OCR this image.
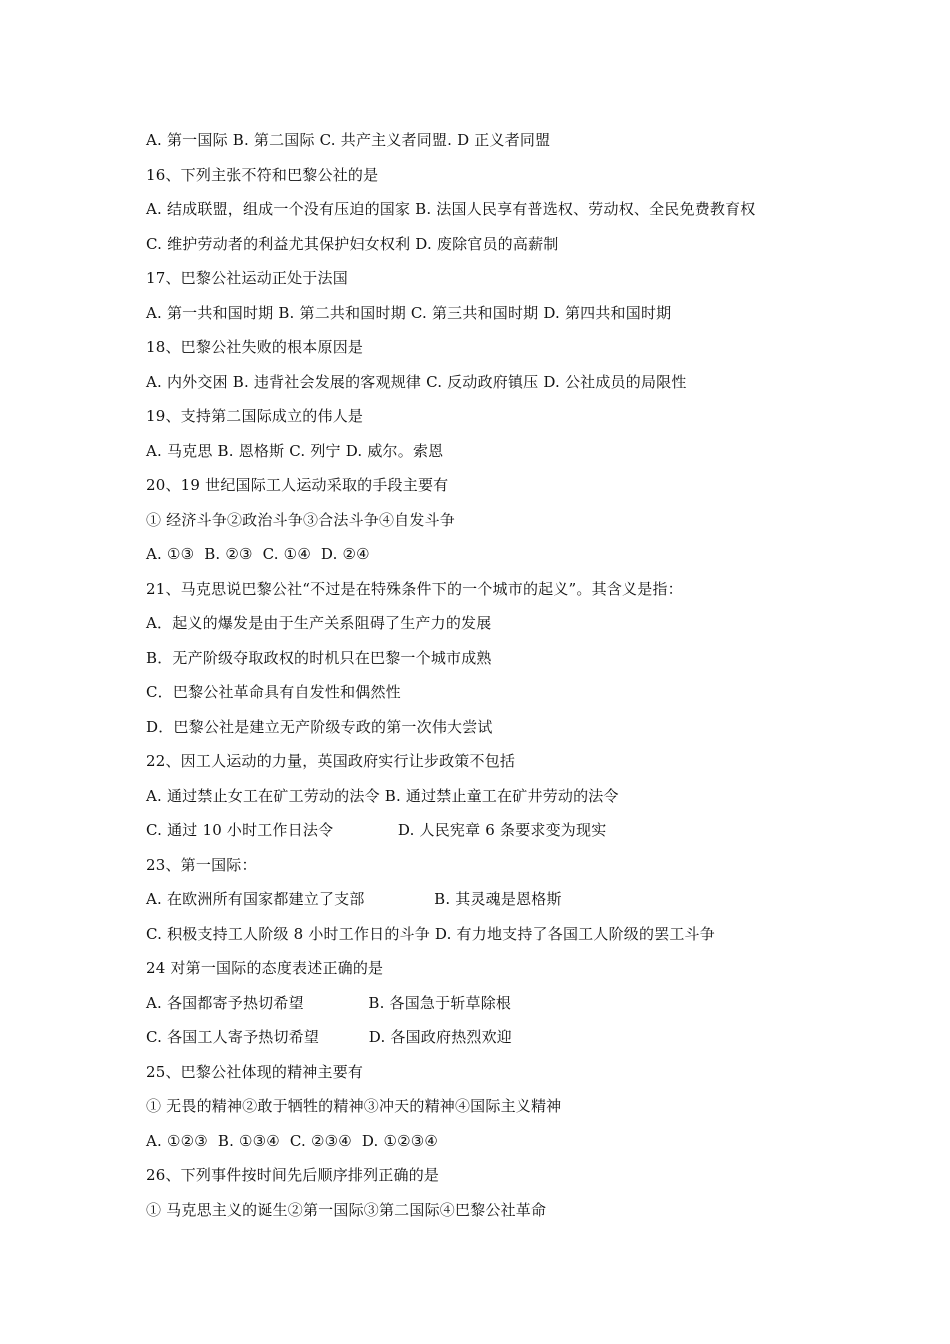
A. 第一国际 B. 第二国际 C. 共产主义者同盟. D 正义者同盟
16、下列主张不符和巴黎公社的是
A. 结成联盟，组成一个没有压迫的国家 B. 法国人民享有普选权、劳动权、全民免费教育权
C. 维护劳动者的利益尤其保护妇女权利 D. 废除官员的高薪制
17、巴黎公社运动正处于法国
A. 第一共和国时期 B. 第二共和国时期 C. 第三共和国时期 D. 第四共和国时期
18、巴黎公社失败的根本原因是
A. 内外交困 B. 违背社会发展的客观规律 C. 反动政府镇压 D. 公社成员的局限性
19、支持第二国际成立的伟人是
A. 马克思 B. 恩格斯 C. 列宁 D. 威尔。索恩
20、19 世纪国际工人运动采取的手段主要有
① 经济斗争②政治斗争③合法斗争④自发斗争
A. ①③  B. ②③  C. ①④  D. ②④
21、马克思说巴黎公社“不过是在特殊条件下的一个城市的起义”。其含义是指：
A．起义的爆发是由于生产关系阻碍了生产力的发展
B．无产阶级夺取政权的时机只在巴黎一个城市成熟
C．巴黎公社革命具有自发性和偶然性
D．巴黎公社是建立无产阶级专政的第一次伟大尝试
22、因工人运动的力量，英国政府实行让步政策不包括
A. 通过禁止女工在矿工劳动的法令 B. 通过禁止童工在矿井劳动的法令
C. 通过 10 小时工作日法令             D. 人民宪章 6 条要求变为现实
23、第一国际：
A. 在欧洲所有国家都建立了支部              B. 其灵魂是恩格斯
C. 积极支持工人阶级 8 小时工作日的斗争 D. 有力地支持了各国工人阶级的罢工斗争
24 对第一国际的态度表述正确的是
A. 各国都寄予热切希望             B. 各国急于斩草除根
C. 各国工人寄予热切希望          D. 各国政府热烈欢迎
25、巴黎公社体现的精神主要有
① 无畏的精神②敢于牺牲的精神③冲天的精神④国际主义精神
A. ①②③  B. ①③④  C. ②③④  D. ①②③④
26、下列事件按时间先后顺序排列正确的是
① 马克思主义的诞生②第一国际③第二国际④巴黎公社革命
